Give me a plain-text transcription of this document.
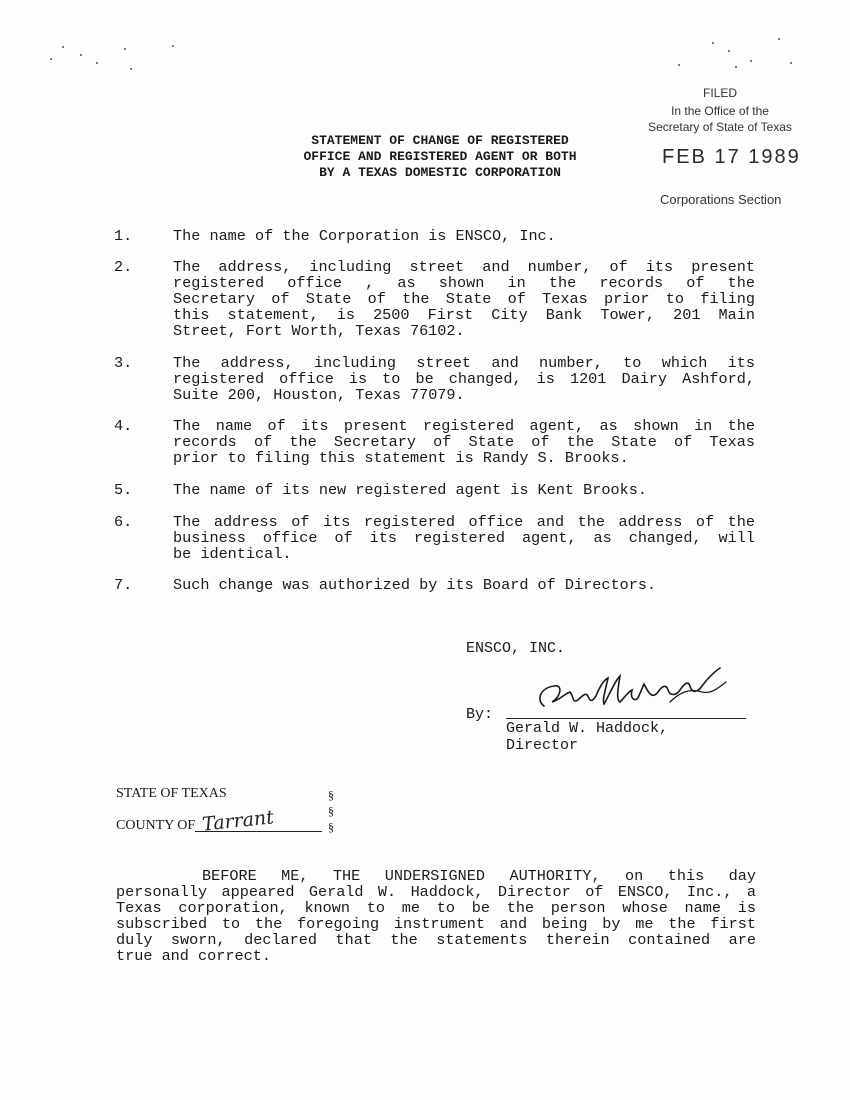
FILED
In the Office of the
Secretary of State of Texas
FEB 17 1989
Corporations Section
STATEMENT OF CHANGE OF REGISTERED
OFFICE AND REGISTERED AGENT OR BOTH
BY A TEXAS DOMESTIC CORPORATION
1.	The name of the Corporation is ENSCO, Inc.
2.	The address, including street and number, of its present
registered office , as shown in the records of the
Secretary of State of the State of Texas prior to filing
this statement, is 2500 First City Bank Tower, 201 Main
Street, Fort Worth, Texas 76102.
3.	The address, including street and number, to which its
registered office is to be changed, is 1201 Dairy Ashford,
Suite 200, Houston, Texas 77079.
4.	The name of its present registered agent, as shown in the
records of the Secretary of State of the State of Texas
prior to filing this statement is Randy S. Brooks.
5.	The name of its new registered agent is Kent Brooks.
6.	The address of its registered office and the address of the
business office of its registered agent, as changed, will
be identical.
7.	Such change was authorized by its Board of Directors.
ENSCO, INC.
By:
Gerald W. Haddock,
Director
STATE OF TEXAS
COUNTY OF Tarrant
§
§
§
BEFORE ME, THE UNDERSIGNED AUTHORITY, on this day
personally appeared Gerald W. Haddock, Director of ENSCO, Inc., a
Texas corporation, known to me to be the person whose name is
subscribed to the foregoing instrument and being by me the first
duly sworn, declared that the statements therein contained are
true and correct.
